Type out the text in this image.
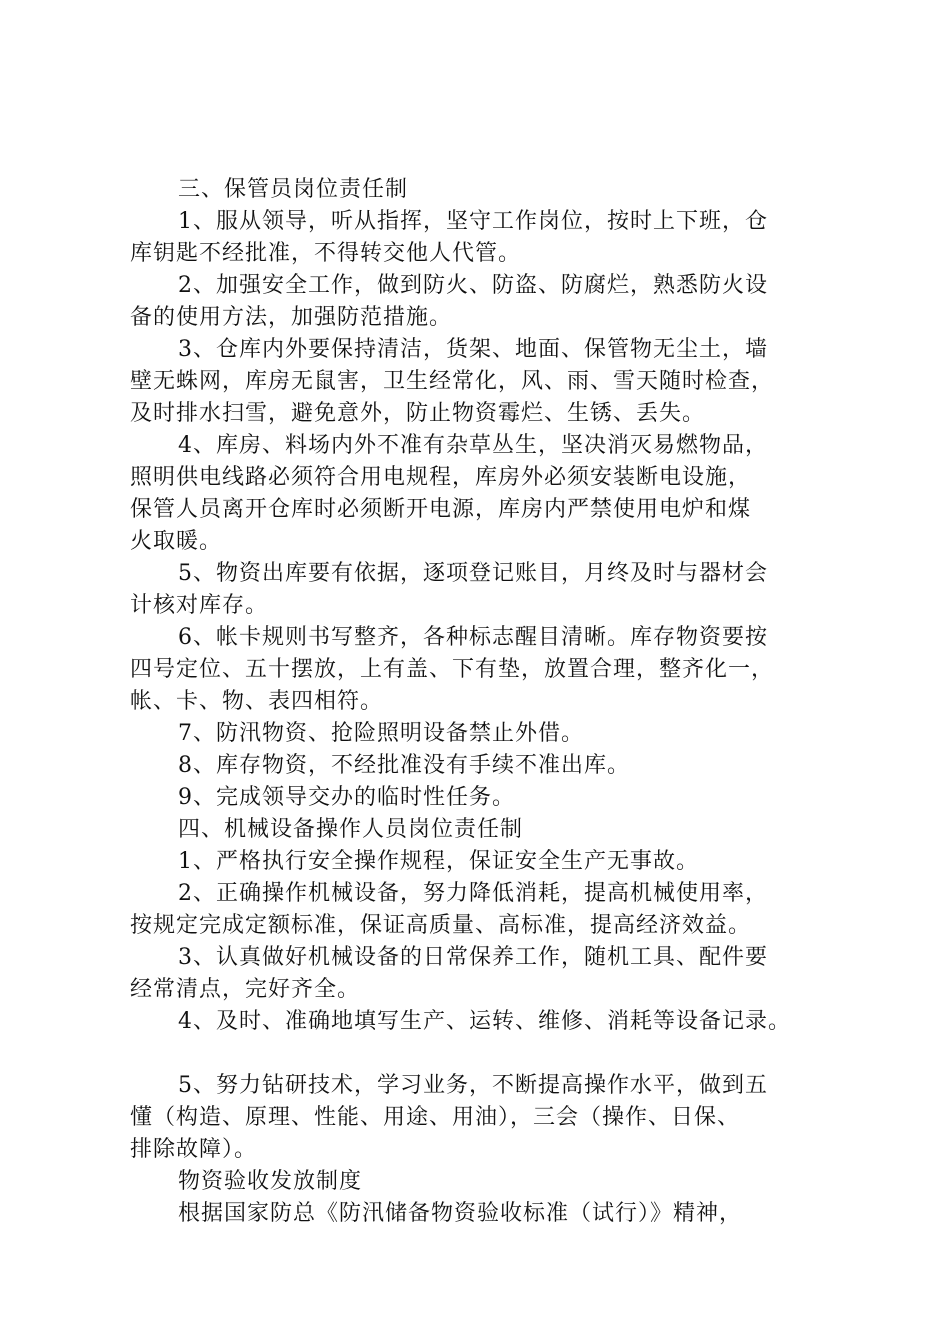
三、保管员岗位责任制
1、服从领导，听从指挥，坚守工作岗位，按时上下班，仓
库钥匙不经批准，不得转交他人代管。
2、加强安全工作，做到防火、防盗、防腐烂，熟悉防火设
备的使用方法，加强防范措施。
3、仓库内外要保持清洁，货架、地面、保管物无尘土，墙
壁无蛛网，库房无鼠害，卫生经常化，风、雨、雪天随时检查，
及时排水扫雪，避免意外，防止物资霉烂、生锈、丢失。
4、库房、料场内外不准有杂草丛生，坚决消灭易燃物品，
照明供电线路必须符合用电规程，库房外必须安装断电设施，
保管人员离开仓库时必须断开电源，库房内严禁使用电炉和煤
火取暖。
5、物资出库要有依据，逐项登记账目，月终及时与器材会
计核对库存。
6、帐卡规则书写整齐，各种标志醒目清晰。库存物资要按
四号定位、五十摆放，上有盖、下有垫，放置合理，整齐化一，
帐、卡、物、表四相符。
7、防汛物资、抢险照明设备禁止外借。
8、库存物资，不经批准没有手续不准出库。
9、完成领导交办的临时性任务。
四、机械设备操作人员岗位责任制
1、严格执行安全操作规程，保证安全生产无事故。
2、正确操作机械设备，努力降低消耗，提高机械使用率，
按规定完成定额标准，保证高质量、高标准，提高经济效益。
3、认真做好机械设备的日常保养工作，随机工具、配件要
经常清点，完好齐全。
4、及时、准确地填写生产、运转、维修、消耗等设备记录。
5、努力钻研技术，学习业务，不断提高操作水平，做到五
懂（构造、原理、性能、用途、用油），三会（操作、日保、
排除故障）。
物资验收发放制度
根据国家防总《防汛储备物资验收标准（试行）》精神，
